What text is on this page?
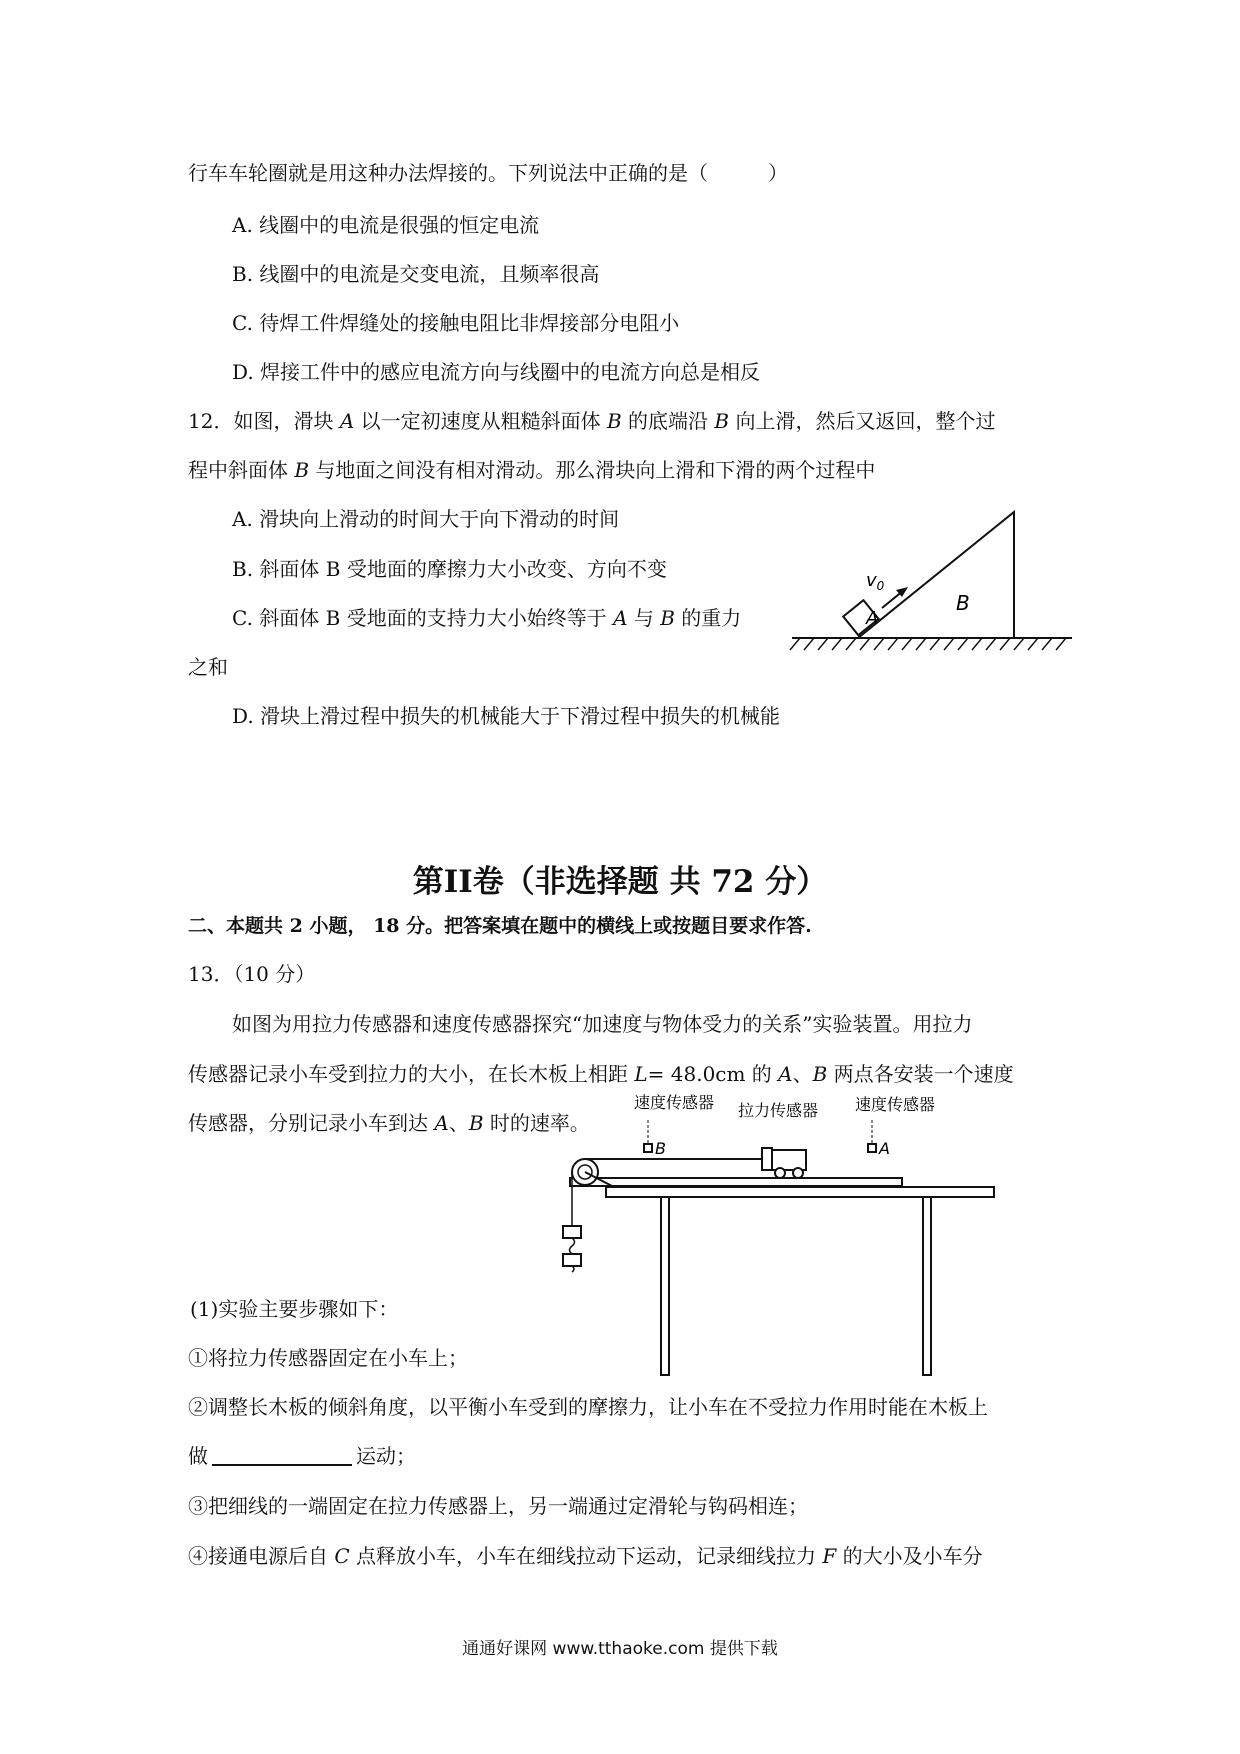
行车车轮圈就是用这种办法焊接的。下列说法中正确的是（　　　）
A. 线圈中的电流是很强的恒定电流
B. 线圈中的电流是交变电流，且频率很高
C. 待焊工件焊缝处的接触电阻比非焊接部分电阻小
D. 焊接工件中的感应电流方向与线圈中的电流方向总是相反
12．如图，滑块 A 以一定初速度从粗糙斜面体 B 的底端沿 B 向上滑，然后又返回，整个过
程中斜面体 B 与地面之间没有相对滑动。那么滑块向上滑和下滑的两个过程中
A. 滑块向上滑动的时间大于向下滑动的时间
B. 斜面体 B 受地面的摩擦力大小改变、方向不变
C. 斜面体 B 受地面的支持力大小始终等于 A 与 B 的重力
之和
D. 滑块上滑过程中损失的机械能大于下滑过程中损失的机械能
$v_0$
A
B
第II卷（非选择题 共 72 分）
二、本题共 2 小题， 18 分。把答案填在题中的横线上或按题目要求作答.
13．（10 分）
如图为用拉力传感器和速度传感器探究“加速度与物体受力的关系”实验装置。用拉力
传感器记录小车受到拉力的大小，在长木板上相距 L= 48.0cm 的 A、B 两点各安装一个速度
传感器，分别记录小车到达 A、B 时的速率。
速度传感器 拉力传感器 速度传感器
B	A
(1)实验主要步骤如下：
①将拉力传感器固定在小车上；
②调整长木板的倾斜角度，以平衡小车受到的摩擦力，让小车在不受拉力作用时能在木板上
做	运动；
③把细线的一端固定在拉力传感器上，另一端通过定滑轮与钩码相连；
④接通电源后自 C 点释放小车，小车在细线拉动下运动，记录细线拉力 F 的大小及小车分
通通好课网 www.tthaoke.com 提供下载
